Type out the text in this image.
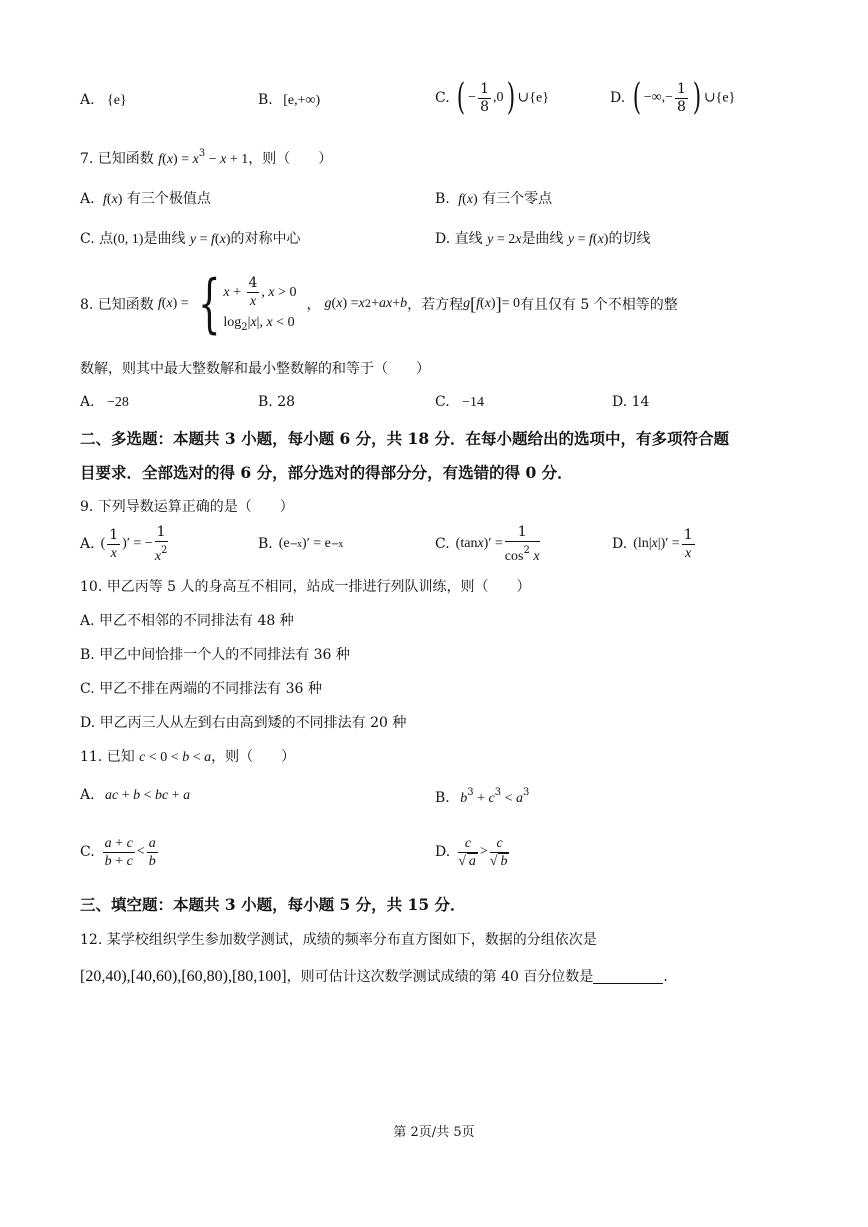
A. {e}	B. [e,+∞)	C. ( − $\frac{1}{8} ,0$) ∪{e}	D. ( −∞,− $\frac{1}{8}$ ) ∪{e}
7. 已知函数 $f(x) = x^3 - x + 1$，则（　　）
A. f(x) 有三个极值点	B. f(x) 有三个零点
C. 点(0, 1)是曲线 y = f(x)的对称中心	D. 直线 y = 2x是曲线 y = f(x)的切线
8. 已知函数 f ( x ) = { $x + \frac{4}{x}$ , x > 0
$\log_2|x|$, x < 0
， g ( x ) = x 2 + ax + b ，若方程 g [ f ( x ) ] = 0 有且仅有 5 个不相等的整
数解，则其中最大整数解和最小整数解的和等于（　　）
A. −28	B. 28	C. −14	D. 14
二、多选题：本题共 3 小题，每小题 6 分，共 18 分．在每小题给出的选项中，有多项符合题
目要求．全部选对的得 6 分，部分选对的得部分分，有选错的得 0 分．
9. 下列导数运算正确的是（　　）
A. ( $\frac{1}{x}$ )′ = − $\frac{1}{x^2}$	B. (e − x )′ = e − x	C. (tan x )′ = $\frac{1}{\cos^2 x}$	D. (ln| x |)′ = $\frac{1}{x}$
10. 甲乙丙等 5 人的身高互不相同，站成一排进行列队训练，则（　　）
A. 甲乙不相邻的不同排法有 48 种
B. 甲乙中间恰排一个人的不同排法有 36 种
C. 甲乙不排在两端的不同排法有 36 种
D. 甲乙丙三人从左到右由高到矮的不同排法有 20 种
11. 已知 c < 0 < b < a，则（　　）
A. ac + b < bc + a	B. $b^3 + c^3 < a^3$
C. $\frac{a + c}{b + c} < \frac{a}{b}$	D. $\frac{c}{√ a} > \frac{c}{√ b}$
三、填空题：本题共 3 小题，每小题 5 分，共 15 分．
12. 某学校组织学生参加数学测试，成绩的频率分布直方图如下，数据的分组依次是
[20,40),[40,60),[60,80),[80,100]，则可估计这次数学测试成绩的第 40 百分位数是	．
第 2页/共 5页
